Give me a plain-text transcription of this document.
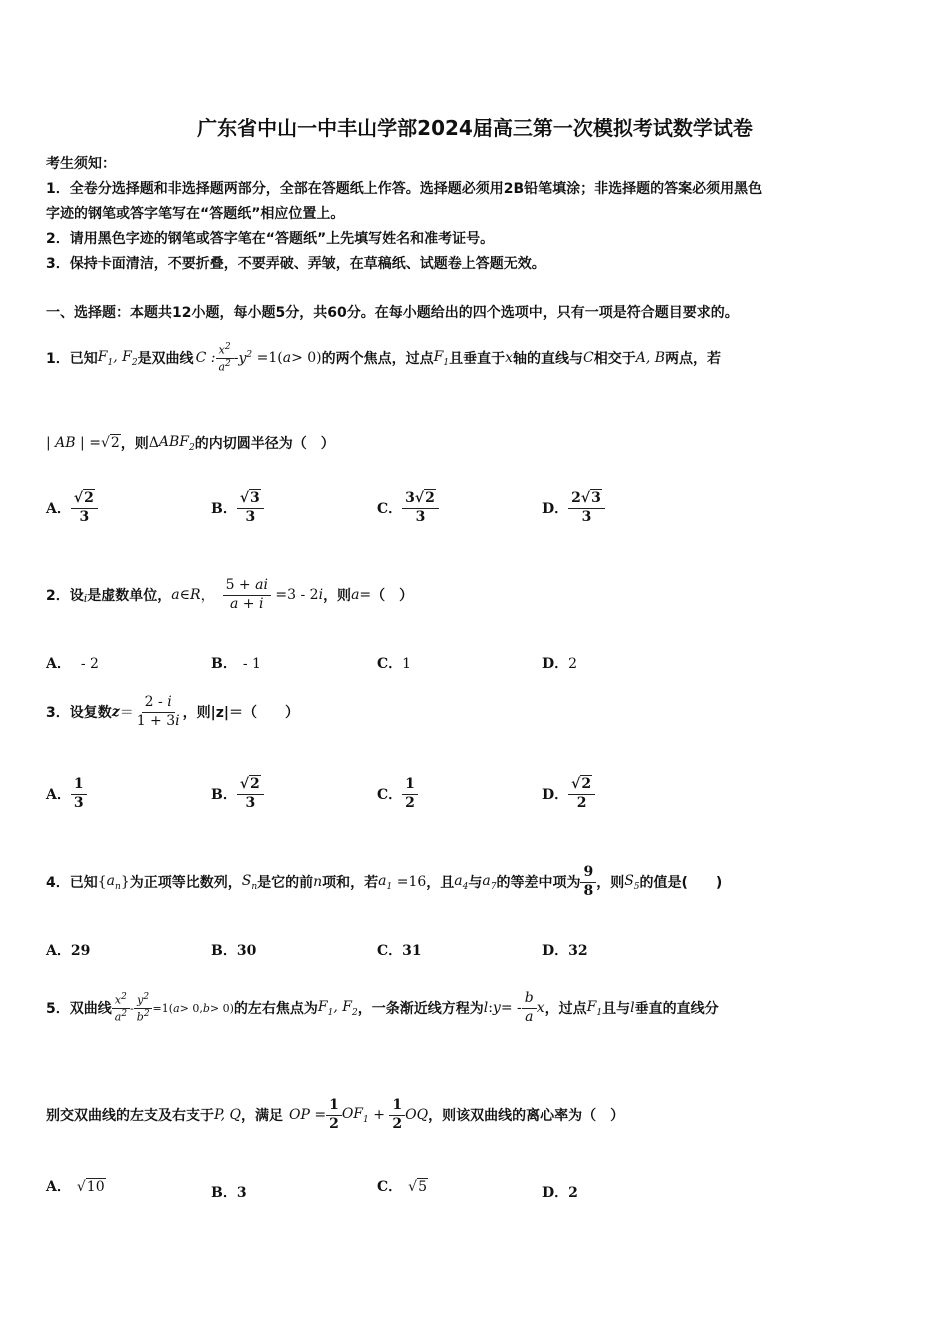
广东省中山一中丰山学部2024届高三第一次模拟考试数学试卷
考生须知：
1．全卷分选择题和非选择题两部分，全部在答题纸上作答。选择题必须用2B铅笔填涂；非选择题的答案必须用黑色
字迹的钢笔或答字笔写在“答题纸”相应位置上。
2．请用黑色字迹的钢笔或答字笔在“答题纸”上先填写姓名和准考证号。
3．保持卡面清洁，不要折叠，不要弄破、弄皱，在草稿纸、试题卷上答题无效。
一、选择题：本题共12小题，每小题5分，共60分。在每小题给出的四个选项中，只有一项是符合题目要求的。
1．已知 $F_1$, $F_2$ 是双曲线 C : $\frac{x^2}{a^2} - y^2 =1$( a > 0) 的两个焦点，过点 $F_1$ 且垂直于 x 轴的直线与 C 相交于 A, B 两点，若
| AB | = √2 ，则 Δ $ABF_2$ 的内切圆半径为（　）
A． $\frac{√2}{3}$	B． $\frac{√3}{3}$	C． $\frac{3√2}{3}$	D． $\frac{2√3}{3}$
2．设 i 是虚数单位， a ∈ R ， $\frac{5 + ai}{a + i} =3 - 2$ i ，则 a = （　）
A． - 2	B． - 1	C．1	D．2
3．设复数 $z = \frac{2 - i}{1 + 3i}$ ，则|z|＝（　　）
A． $\frac{1}{3}$	B． $\frac{√2}{3}$	C． $\frac{1}{2}$	D． $\frac{√2}{2}$
4．已知 { $a_n$ } 为正项等比数列， $S_n$ 是它的前 n 项和，若 $a_1 =16$ ，且 $a_4$ 与 $a_7$ 的等差中项为 $\frac{9}{8}$ ，则 $S_5$ 的值是(　　)
A．29	B．30	C．31	D．32
5．双曲线 $\frac{x^2}{a^2} - \frac{y^2}{b^2} =1$( a > 0, b > 0) 的左右焦点为 $F_1$, $F_2$ ，一条渐近线方程为 l : y = - $\frac{b}{a}$ x ，过点 $F_1$ 且与 l 垂直的直线分
别交双曲线的左支及右支于 P, Q ，满足 OP = $\frac{1}{2} OF_1 + \frac{1}{2}$ OQ ，则该双曲线的离心率为（　）
A． √10	B．3	C． √5	D．2
